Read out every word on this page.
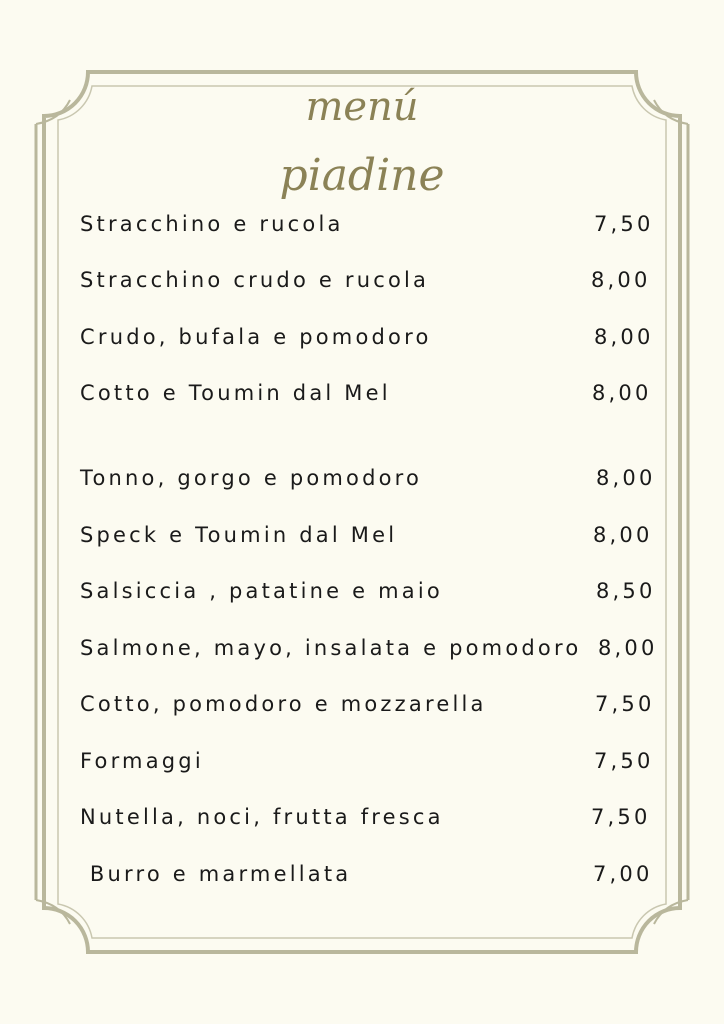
menú
piadine
Stracchino e rucola	7,50
Stracchino crudo e rucola	8,00
Crudo, bufala e pomodoro	8,00
Cotto e Toumin dal Mel	8,00
Tonno, gorgo e pomodoro	8,00
Speck e Toumin dal Mel	8,00
Salsiccia , patatine e maio	8,50
Salmone, mayo, insalata e pomodoro 8,00
Cotto, pomodoro e mozzarella	7,50
Formaggi	7,50
Nutella, noci, frutta fresca	7,50
Burro e marmellata	7,00
